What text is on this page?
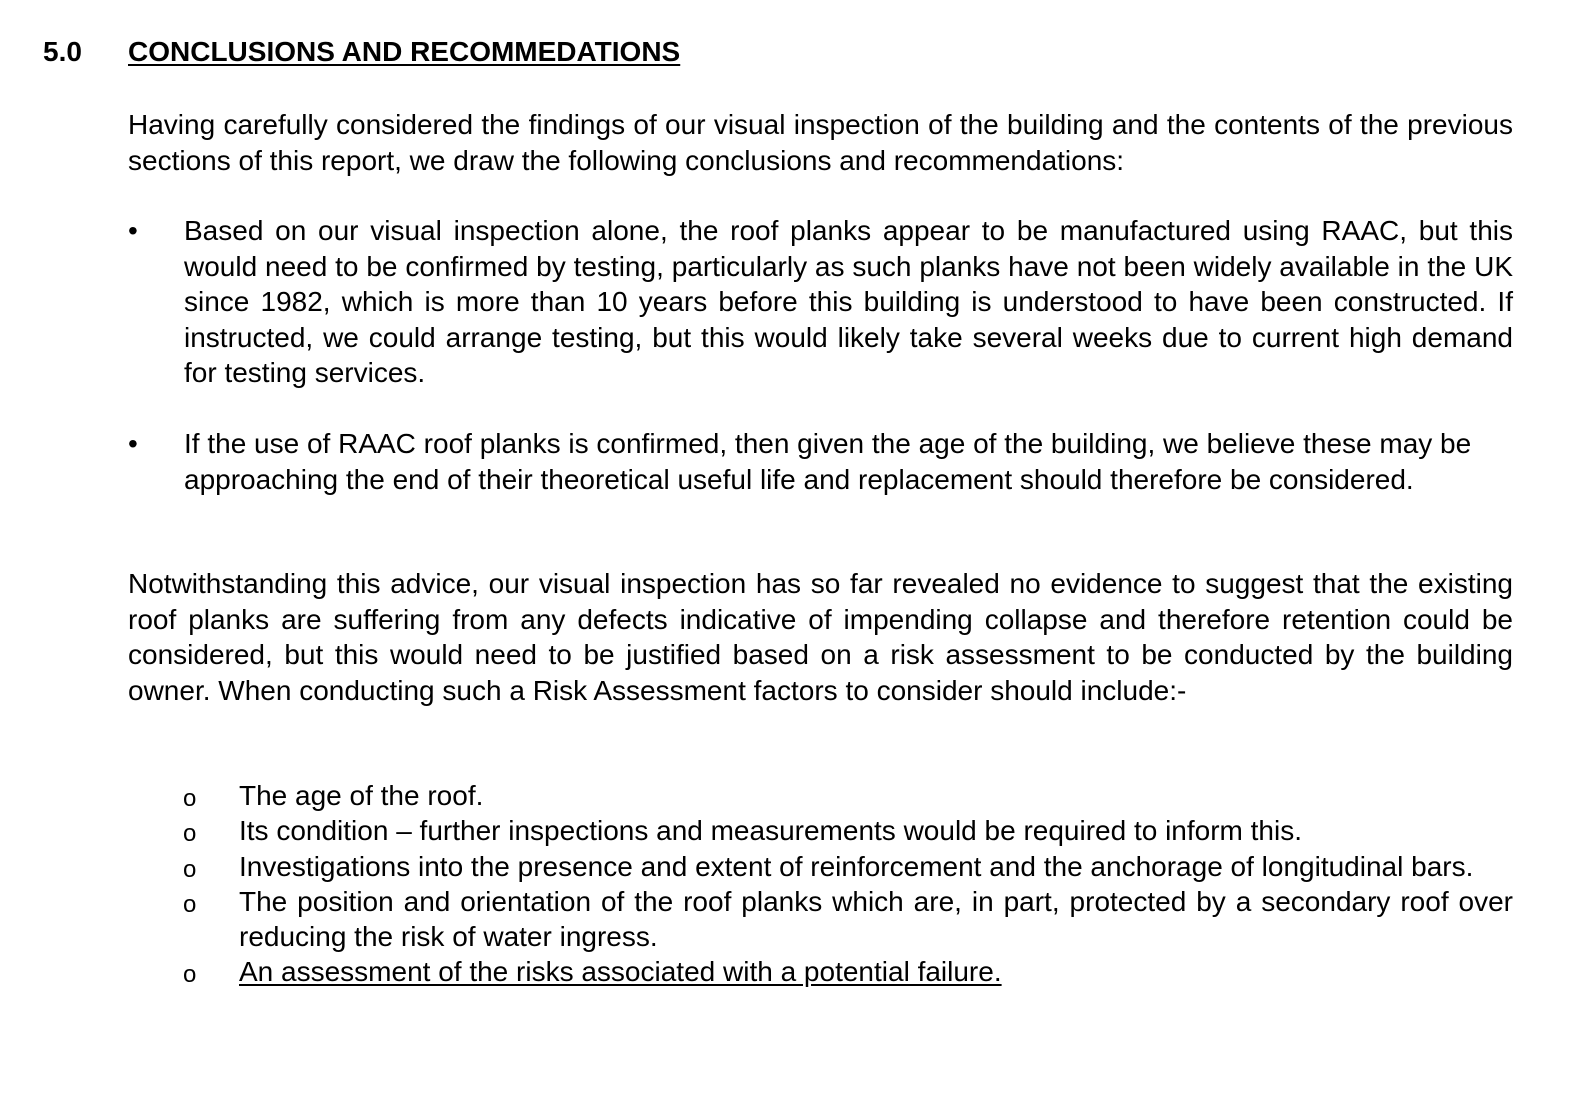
5.0 CONCLUSIONS AND RECOMMEDATIONS

Having carefully considered the findings of our visual inspection of the building and the contents of the previous sections of this report, we draw the following conclusions and recommendations:

• Based on our visual inspection alone, the roof planks appear to be manufactured using RAAC, but this would need to be confirmed by testing, particularly as such planks have not been widely available in the UK since 1982, which is more than 10 years before this building is understood to have been constructed. If instructed, we could arrange testing, but this would likely take several weeks due to current high demand for testing services.
• If the use of RAAC roof planks is confirmed, then given the age of the building, we believe these may be approaching the end of their theoretical useful life and replacement should therefore be considered.

Notwithstanding this advice, our visual inspection has so far revealed no evidence to suggest that the existing roof planks are suffering from any defects indicative of impending collapse and therefore retention could be considered, but this would need to be justified based on a risk assessment to be conducted by the building owner. When conducting such a Risk Assessment factors to consider should include:-

o The age of the roof.
o Its condition – further inspections and measurements would be required to inform this.
o Investigations into the presence and extent of reinforcement and the anchorage of longitudinal bars.
o The position and orientation of the roof planks which are, in part, protected by a secondary roof over reducing the risk of water ingress.
o An assessment of the risks associated with a potential failure.
